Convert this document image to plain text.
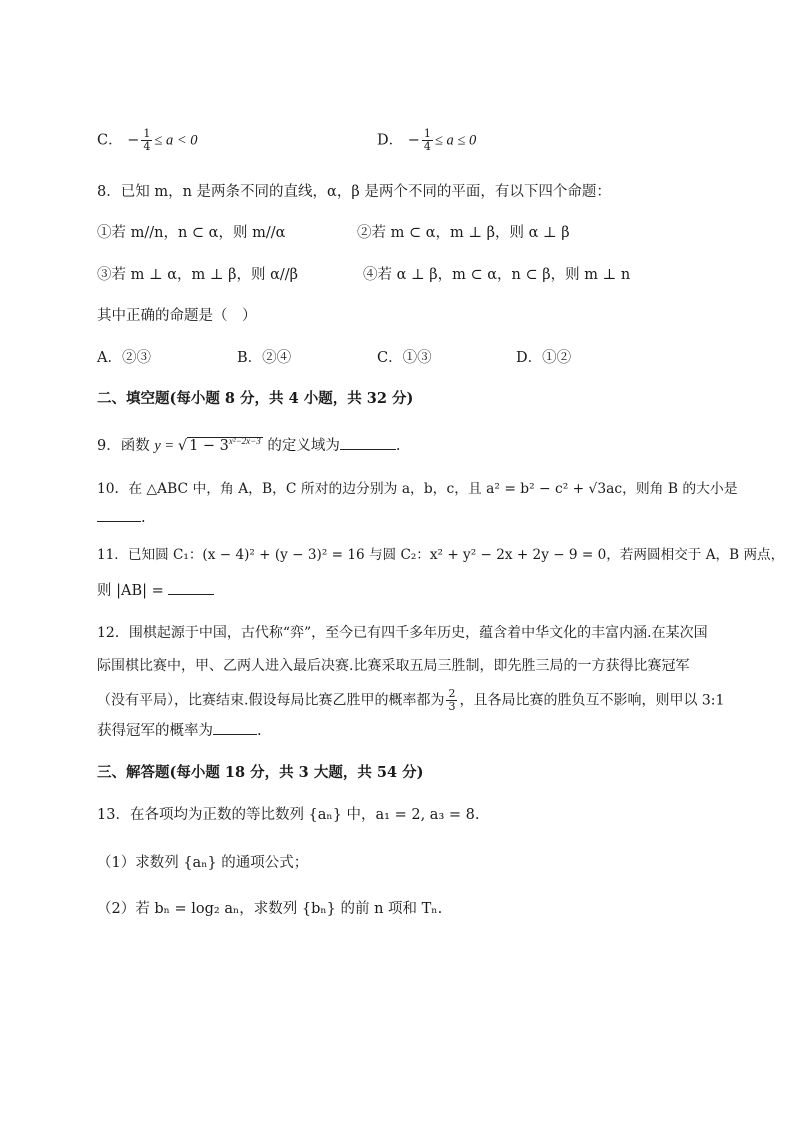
C． − $\frac{1}{4} \le a < 0$	D． − $\frac{1}{4} \le a \le 0$
8．已知 m，n 是两条不同的直线，α，β 是两个不同的平面，有以下四个命题：
①若 m//n，n ⊂ α，则 m//α	②若 m ⊂ α，m ⊥ β，则 α ⊥ β
③若 m ⊥ α，m ⊥ β，则 α//β	④若 α ⊥ β，m ⊂ α，n ⊂ β，则 m ⊥ n
其中正确的命题是（　）
A．②③	B．②④	C．①③	D．①②
二、填空题(每小题 8 分，共 4 小题，共 32 分)
9．函数 y = √ $1 - 3^{x^2-2x-3}$ 的定义域为	.
10．在 △ABC 中，角 A，B，C 所对的边分别为 a，b，c，且 a² = b² − c² + √3ac，则角 B 的大小是
.
11．已知圆 C₁：(x − 4)² + (y − 3)² = 16 与圆 C₂：x² + y² − 2x + 2y − 9 = 0，若两圆相交于 A，B 两点，
则 |AB| =
12．围棋起源于中国，古代称“弈”，至今已有四千多年历史，蕴含着中华文化的丰富内涵.在某次国
际围棋比赛中，甲、乙两人进入最后决赛.比赛采取五局三胜制，即先胜三局的一方获得比赛冠军
（没有平局），比赛结束.假设每局比赛乙胜甲的概率都为 $\frac{2}{3}$ ，且各局比赛的胜负互不影响，则甲以 3:1
获得冠军的概率为	.
三、解答题(每小题 18 分，共 3 大题，共 54 分)
13．在各项均为正数的等比数列 {aₙ} 中，a₁ = 2, a₃ = 8.
（1）求数列 {aₙ} 的通项公式；
（2）若 bₙ = log₂ aₙ，求数列 {bₙ} 的前 n 项和 Tₙ.
